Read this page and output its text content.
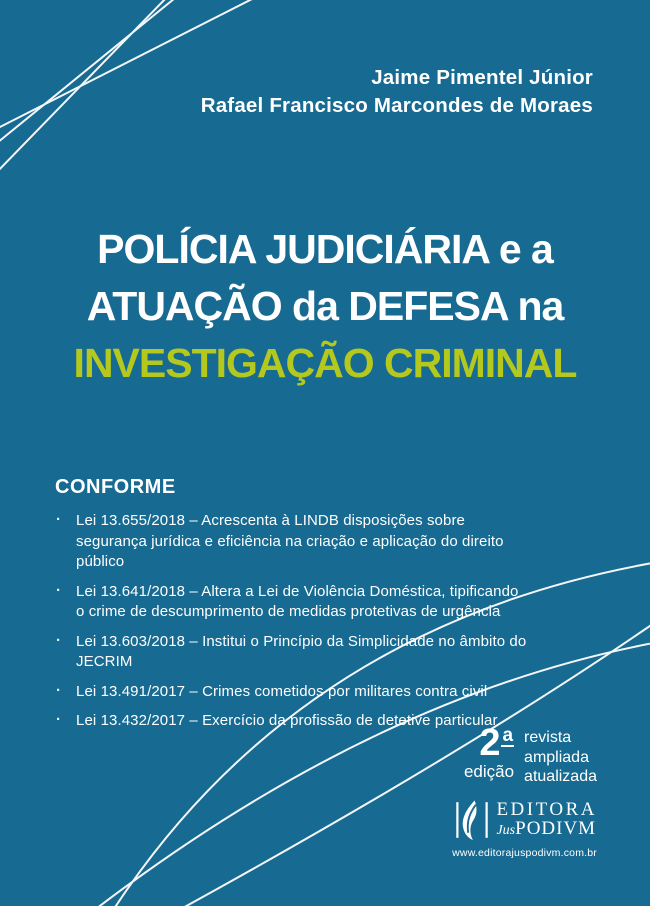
Jaime Pimentel Júnior
Rafael Francisco Marcondes de Moraes
POLÍCIA JUDICIÁRIA e a
ATUAÇÃO da DEFESA na
INVESTIGAÇÃO CRIMINAL
CONFORME
· Lei 13.655/2018 – Acrescenta à LINDB disposições sobre segurança jurídica e eficiência na criação e aplicação do direito público
· Lei 13.641/2018 – Altera a Lei de Violência Doméstica, tipificando o crime de descumprimento de medidas protetivas de urgência
· Lei 13.603/2018 – Institui o Princípio da Simplicidade no âmbito do JECRIM
· Lei 13.491/2017 – Crimes cometidos por militares contra civil
· Lei 13.432/2017 – Exercício da profissão de detetive particular
2 a
edição
revista
ampliada
atualizada
EDITORA
JusPODIVM
www.editorajuspodivm.com.br
